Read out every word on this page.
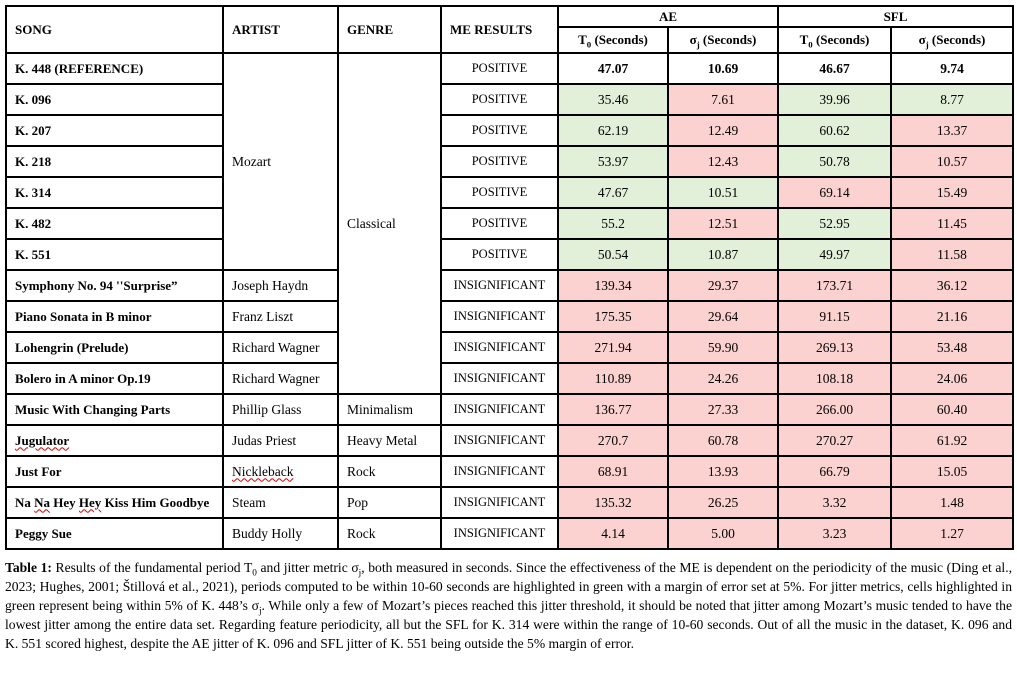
SONG	ARTIST	GENRE	ME RESULTS	AE		SFL	
				$T_0$ (Seconds)	$\sigma_j$ (Seconds)	$T_0$ (Seconds)	$\sigma_j$ (Seconds)
K. 448 (REFERENCE)	Mozart	Classical	POSITIVE	47.07	10.69	46.67	9.74
K. 096			POSITIVE	35.46	7.61	39.96	8.77
K. 207			POSITIVE	62.19	12.49	60.62	13.37
K. 218			POSITIVE	53.97	12.43	50.78	10.57
K. 314			POSITIVE	47.67	10.51	69.14	15.49
K. 482			POSITIVE	55.2	12.51	52.95	11.45
K. 551			POSITIVE	50.54	10.87	49.97	11.58
Symphony No. 94 ''Surprise”	Joseph Haydn		INSIGNIFICANT	139.34	29.37	173.71	36.12
Piano Sonata in B minor	Franz Liszt		INSIGNIFICANT	175.35	29.64	91.15	21.16
Lohengrin (Prelude)	Richard Wagner		INSIGNIFICANT	271.94	59.90	269.13	53.48
Bolero in A minor Op.19	Richard Wagner		INSIGNIFICANT	110.89	24.26	108.18	24.06
Music With Changing Parts	Phillip Glass	Minimalism	INSIGNIFICANT	136.77	27.33	266.00	60.40
Jugulator	Judas Priest	Heavy Metal	INSIGNIFICANT	270.7	60.78	270.27	61.92
Just For	Nickleback	Rock	INSIGNIFICANT	68.91	13.93	66.79	15.05
Na Na Hey Hey Kiss Him Goodbye	Steam	Pop	INSIGNIFICANT	135.32	26.25	3.32	1.48
Peggy Sue	Buddy Holly	Rock	INSIGNIFICANT	4.14	5.00	3.23	1.27

Table 1: Results of the fundamental period $T_0$ and jitter metric $\sigma_j$, both measured in seconds. Since the effectiveness of the ME is dependent on the periodicity of the music (Ding et al., 2023; Hughes, 2001; Štillová et al., 2021), periods computed to be within 10-60 seconds are highlighted in green with a margin of error set at 5%. For jitter metrics, cells highlighted in green represent being within 5% of K. 448’s $\sigma_j$. While only a few of Mozart’s pieces reached this jitter threshold, it should be noted that jitter among Mozart’s music tended to have the lowest jitter among the entire data set. Regarding feature periodicity, all but the SFL for K. 314 were within the range of 10-60 seconds. Out of all the music in the dataset, K. 096 and K. 551 scored highest, despite the AE jitter of K. 096 and SFL jitter of K. 551 being outside the 5% margin of error.
